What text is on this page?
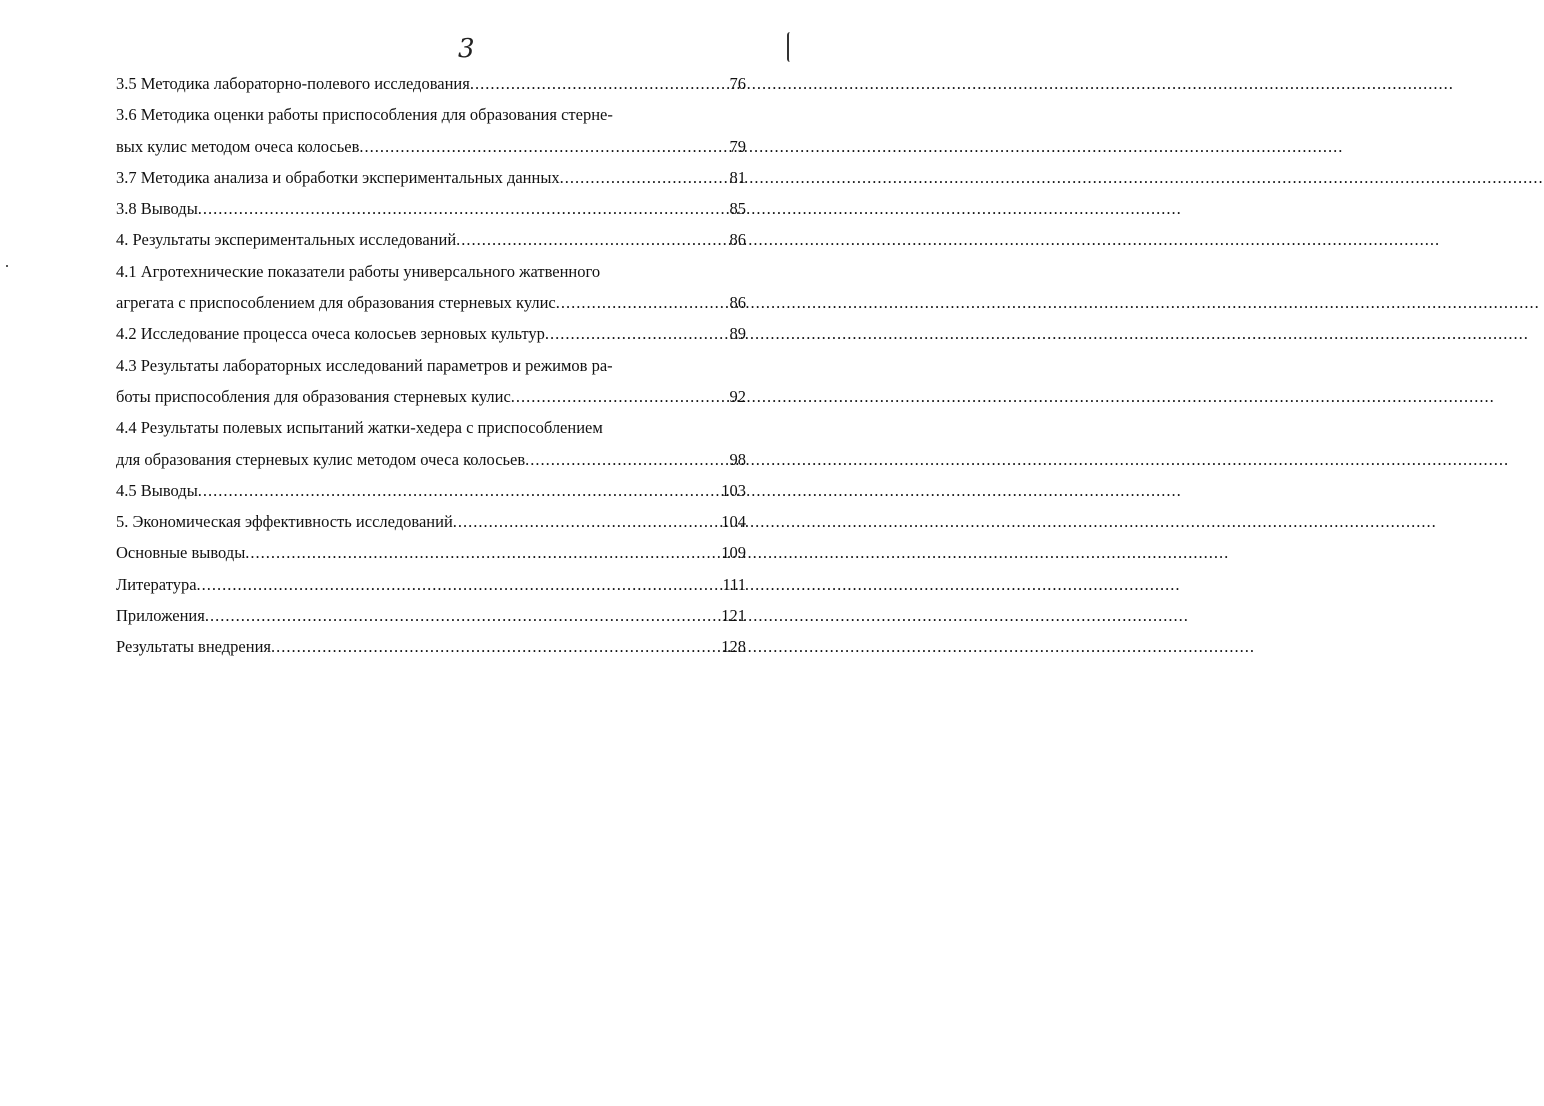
3
3.5 Методика лабораторно-полевого исследования .....	76
3.6 Методика оценки работы приспособления для образования стерне-
вых кулис методом очеса колосьев .....	79
3.7 Методика анализа и обработки экспериментальных данных .....	81
3.8 Выводы .....	85
4. Результаты экспериментальных исследований .....	86
4.1 Агротехнические показатели работы универсального жатвенного
агрегата с приспособлением для образования стерневых кулис .....	86
4.2 Исследование процесса очеса колосьев зерновых культур .....	89
4.3 Результаты лабораторных исследований параметров и режимов ра-
боты приспособления для образования стерневых кулис .....	92
4.4 Результаты полевых испытаний жатки-хедера с приспособлением
для образования стерневых кулис методом очеса колосьев .....	98
4.5 Выводы .....	103
5. Экономическая эффективность исследований .....	104
Основные выводы .....	109
Литература .....	111
Приложения .....	121
Результаты внедрения .....	128
